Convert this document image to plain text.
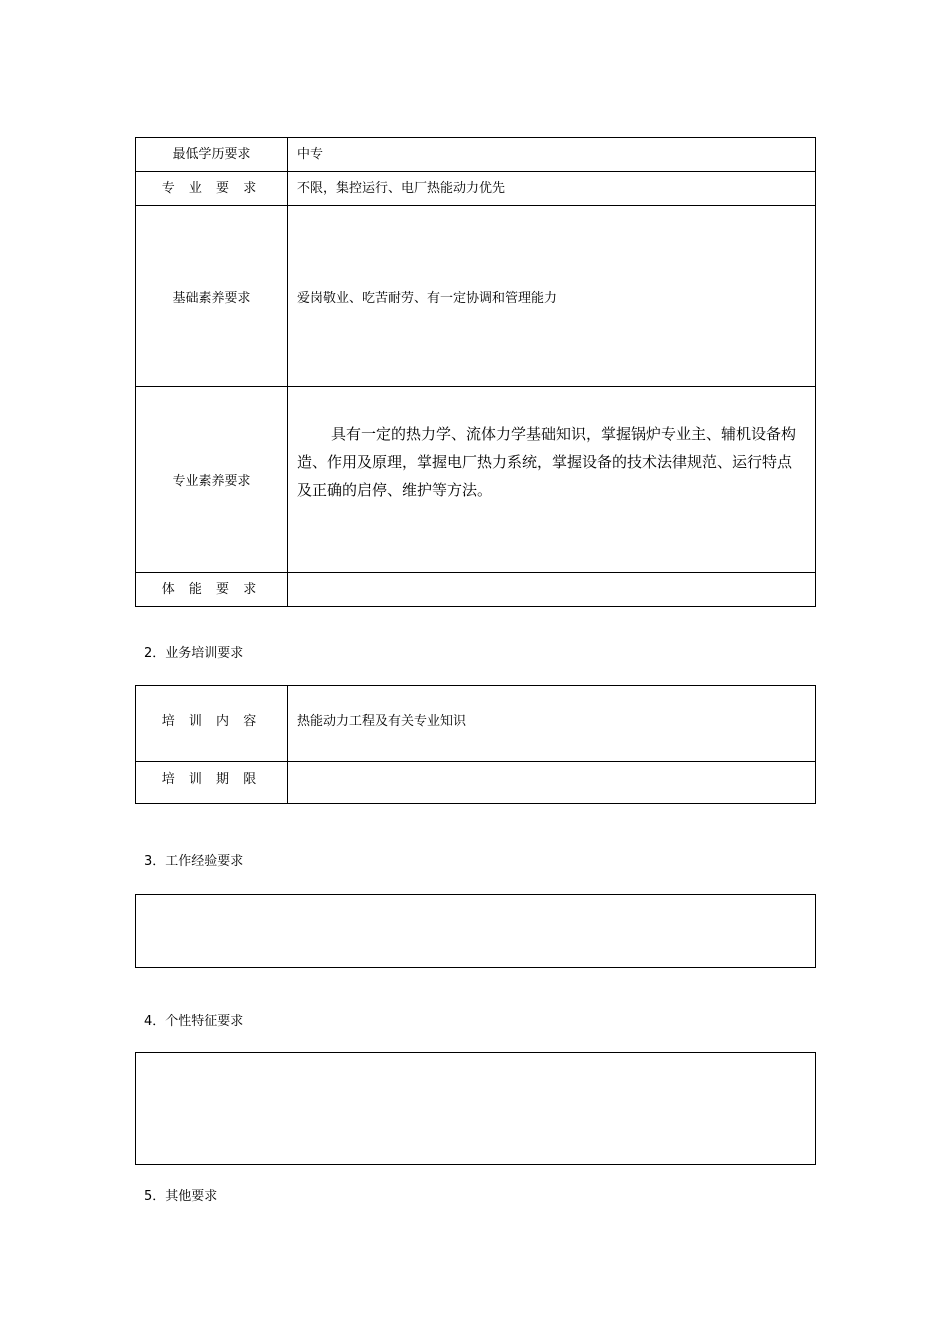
最低学历要求	中专

专 业 要 求	不限，集控运行、电厂热能动力优先

基础素养要求	爱岗敬业、吃苦耐劳、有一定协调和管理能力
专业素养要求	具有一定的热力学、流体力学基础知识，掌握锅炉专业主、辅机设备构造、作用及原理，掌握电厂热力系统，掌握设备的技术法律规范、运行特点及正确的启停、维护等方法。

体 能 要 求	

2．业务培训要求
培 训 内 容	热能动力工程及有关专业知识

培 训 期 限	

3．工作经验要求
4．个性特征要求
5．其他要求
